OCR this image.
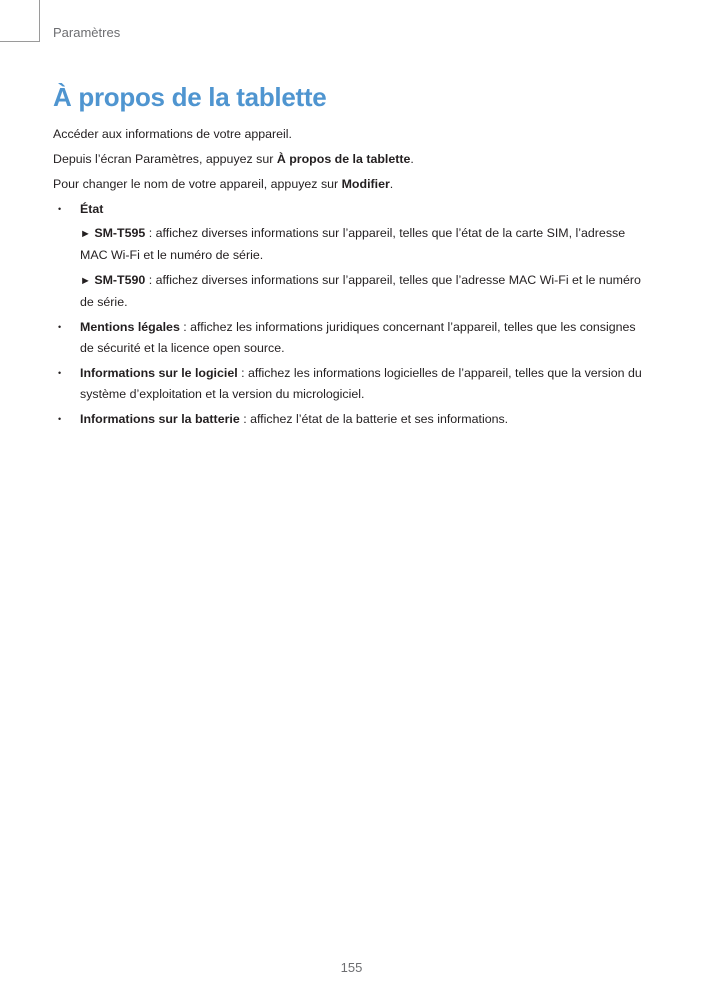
Paramètres
À propos de la tablette

Accéder aux informations de votre appareil.

Depuis l’écran Paramètres, appuyez sur À propos de la tablette.

Pour changer le nom de votre appareil, appuyez sur Modifier.

• État
► SM-T595 : affichez diverses informations sur l’appareil, telles que l’état de la carte SIM, l’adresse MAC Wi-Fi et le numéro de série.
► SM-T590 : affichez diverses informations sur l’appareil, telles que l’adresse MAC Wi-Fi et le numéro de série.
• Mentions légales : affichez les informations juridiques concernant l’appareil, telles que les consignes de sécurité et la licence open source.
• Informations sur le logiciel : affichez les informations logicielles de l’appareil, telles que la version du système d’exploitation et la version du micrologiciel.
• Informations sur la batterie : affichez l’état de la batterie et ses informations.
155
